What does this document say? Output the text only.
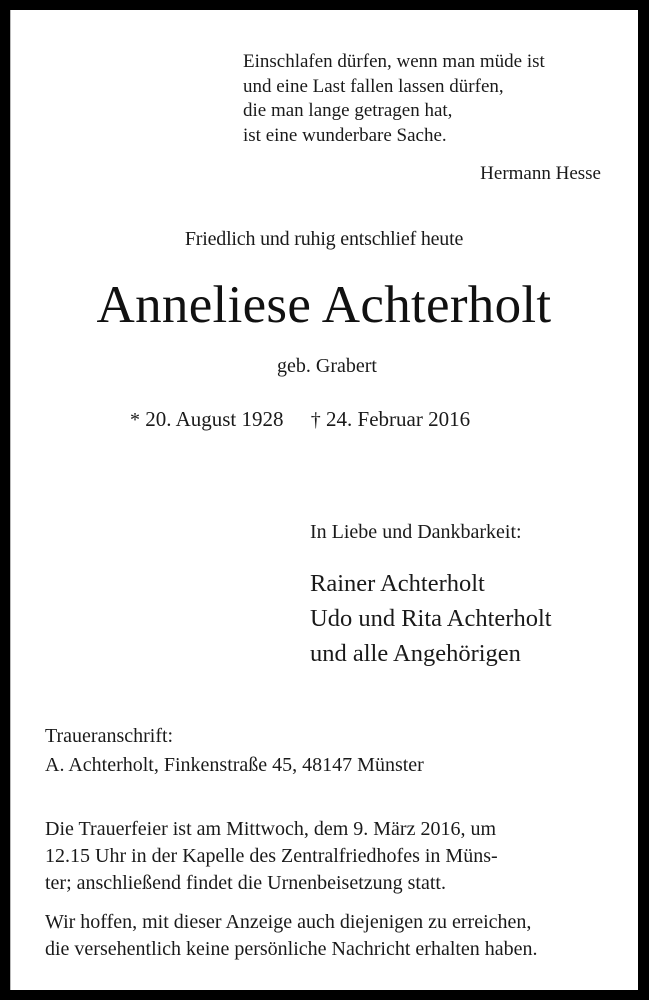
Einschlafen dürfen, wenn man müde ist
und eine Last fallen lassen dürfen,
die man lange getragen hat,
ist eine wunderbare Sache.
Hermann Hesse
Friedlich und ruhig entschlief heute
Anneliese Achterholt
geb. Grabert
* 20. August 1928 † 24. Februar 2016
In Liebe und Dankbarkeit:
Rainer Achterholt
Udo und Rita Achterholt
und alle Angehörigen
Traueranschrift:
A. Achterholt, Finkenstraße 45, 48147 Münster
Die Trauerfeier ist am Mittwoch, dem 9. März 2016, um
12.15 Uhr in der Kapelle des Zentralfriedhofes in Müns-
ter; anschließend findet die Urnenbeisetzung statt.
Wir hoffen, mit dieser Anzeige auch diejenigen zu erreichen,
die versehentlich keine persönliche Nachricht erhalten haben.
